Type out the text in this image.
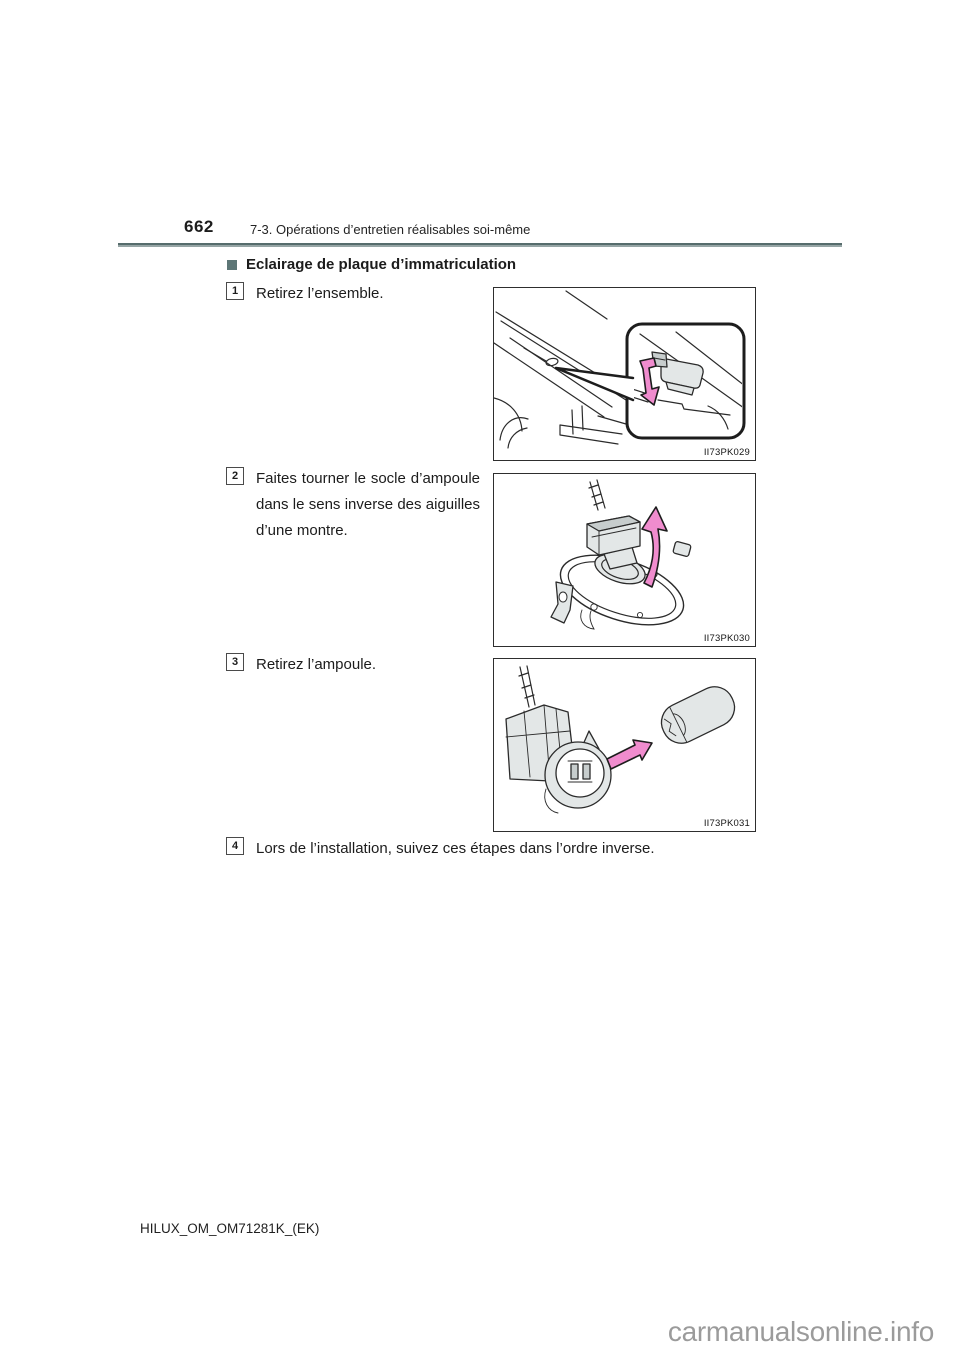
662	7-3. Opérations d’entretien réalisables soi-même
Eclairage de plaque d’immatriculation
1	Retirez l’ensemble.
2	Faites tourner le socle d’ampoule dans le sens inverse des aiguilles d’une montre.
3	Retirez l’ampoule.
4	Lors de l’installation, suivez ces étapes dans l’ordre inverse.
II73PK029
II73PK030
II73PK031
HILUX_OM_OM71281K_(EK)
carmanualsonline.info
